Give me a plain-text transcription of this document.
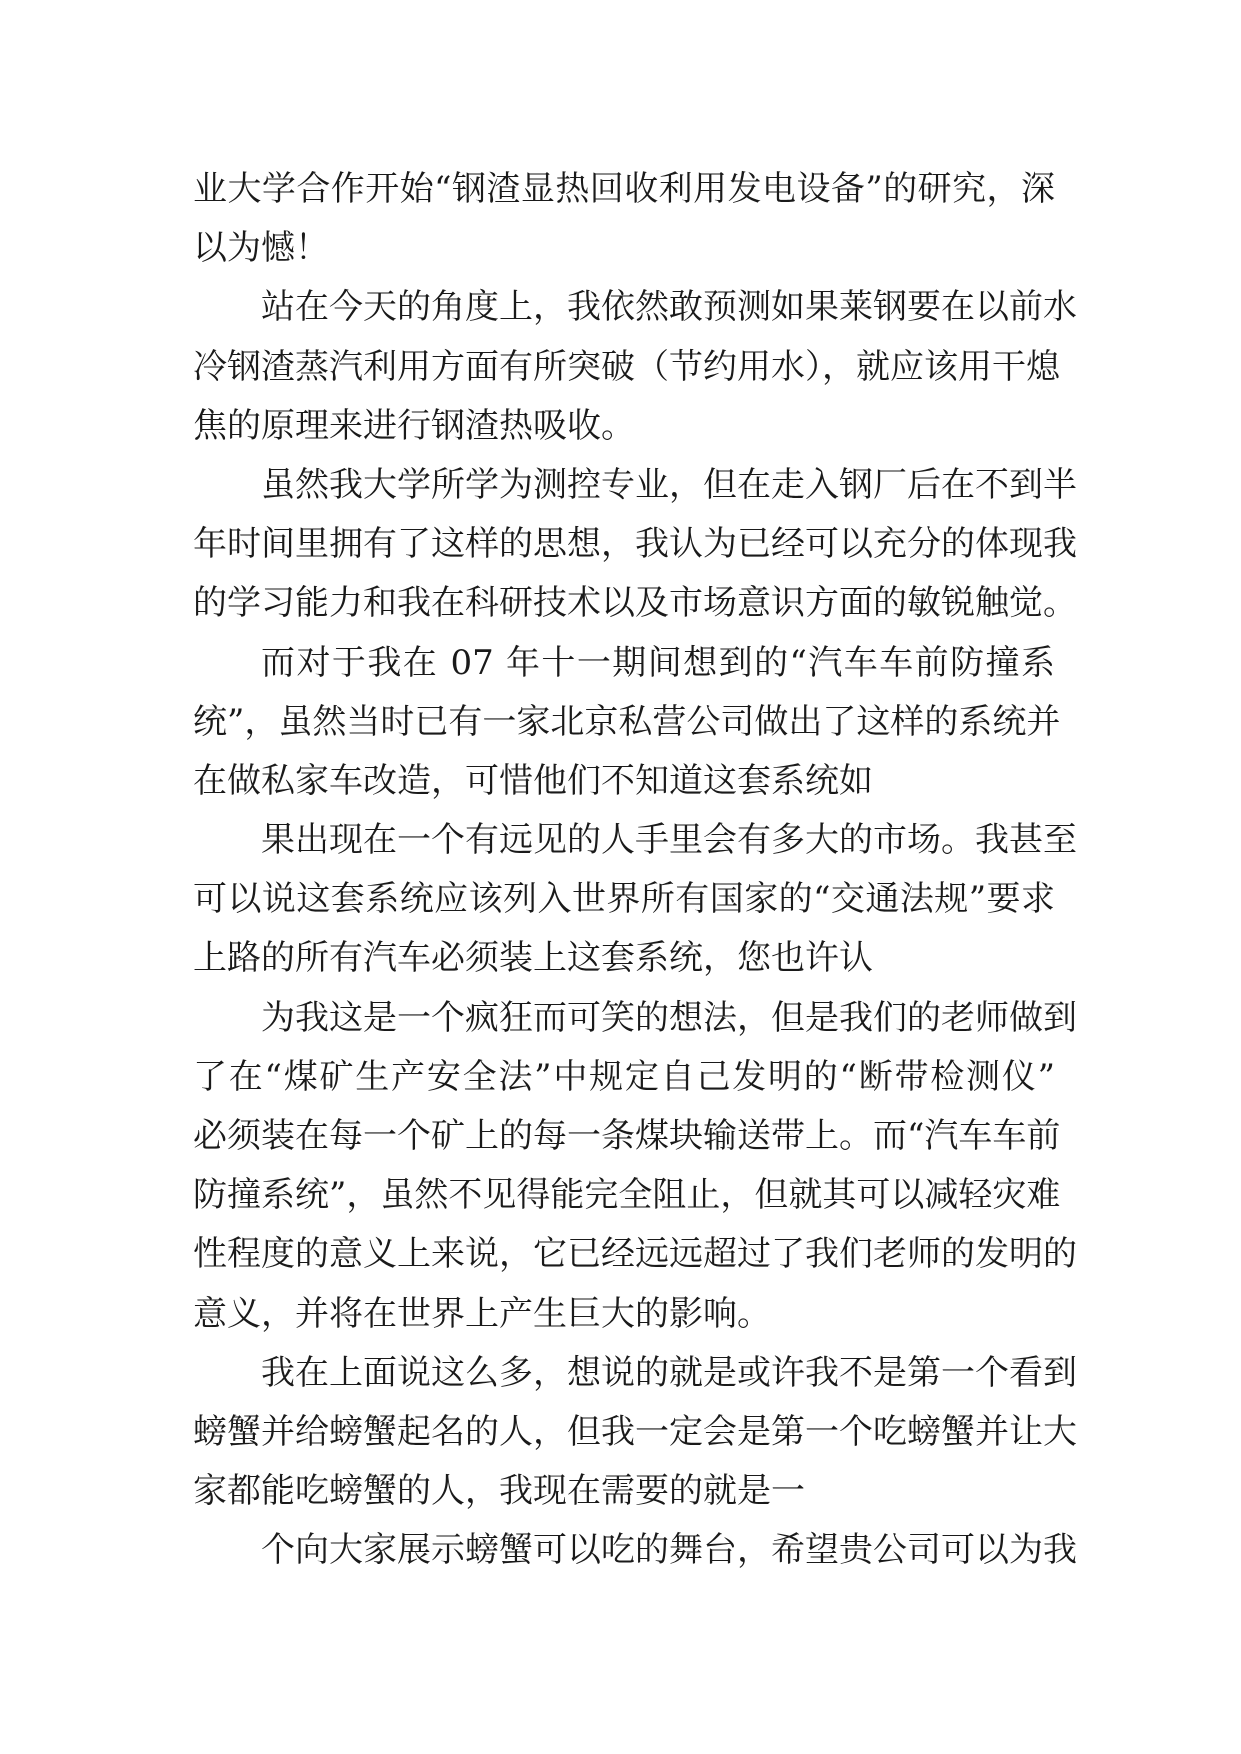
业大学合作开始“钢渣显热回收利用发电设备”的研究，深
以为憾！
站在今天的角度上，我依然敢预测如果莱钢要在以前水
冷钢渣蒸汽利用方面有所突破（节约用水），就应该用干熄
焦的原理来进行钢渣热吸收。
虽然我大学所学为测控专业，但在走入钢厂后在不到半
年时间里拥有了这样的思想，我认为已经可以充分的体现我
的学习能力和我在科研技术以及市场意识方面的敏锐触觉。
而对于我在 07 年十一期间想到的“汽车车前防撞系
统”，虽然当时已有一家北京私营公司做出了这样的系统并
在做私家车改造，可惜他们不知道这套系统如
果出现在一个有远见的人手里会有多大的市场。我甚至
可以说这套系统应该列入世界所有国家的“交通法规”要求
上路的所有汽车必须装上这套系统，您也许认
为我这是一个疯狂而可笑的想法，但是我们的老师做到
了在“煤矿生产安全法”中规定自己发明的“断带检测仪”
必须装在每一个矿上的每一条煤块输送带上。而“汽车车前
防撞系统”，虽然不见得能完全阻止，但就其可以减轻灾难
性程度的意义上来说，它已经远远超过了我们老师的发明的
意义，并将在世界上产生巨大的影响。
我在上面说这么多，想说的就是或许我不是第一个看到
螃蟹并给螃蟹起名的人，但我一定会是第一个吃螃蟹并让大
家都能吃螃蟹的人，我现在需要的就是一
个向大家展示螃蟹可以吃的舞台，希望贵公司可以为我
